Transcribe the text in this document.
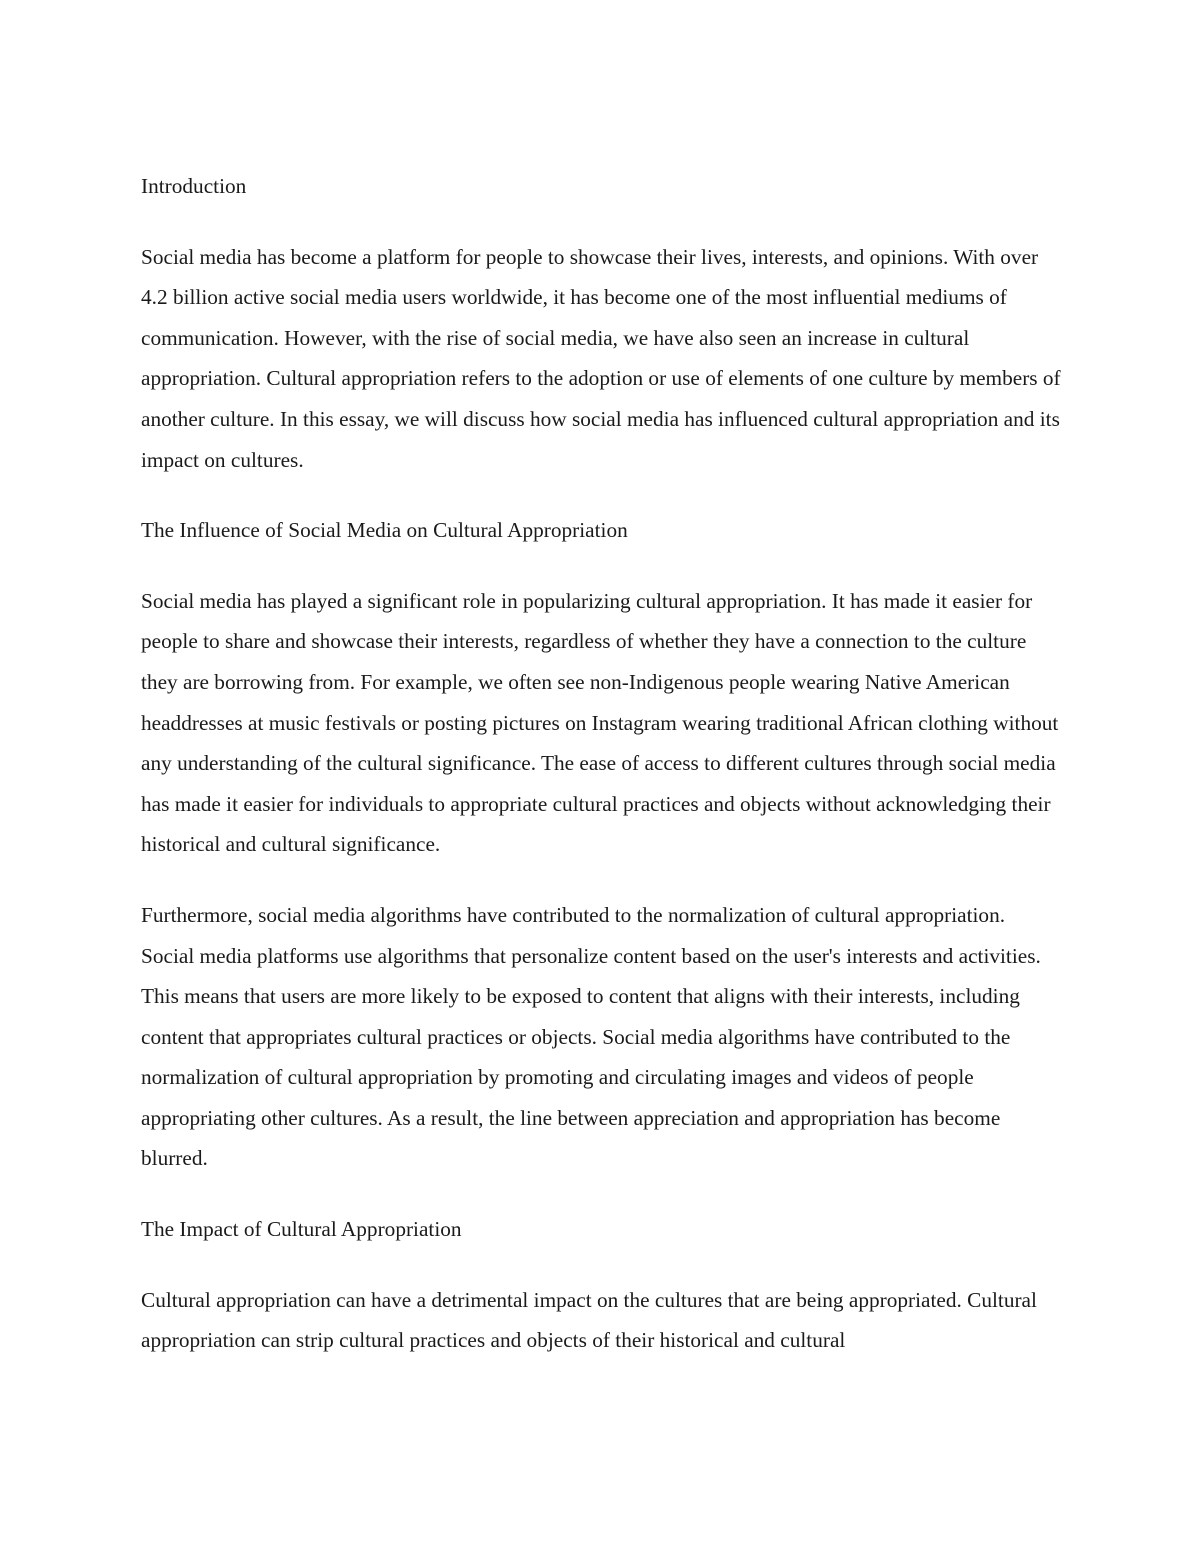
Introduction

Social media has become a platform for people to showcase their lives, interests, and opinions. With over 4.2 billion active social media users worldwide, it has become one of the most influential mediums of communication. However, with the rise of social media, we have also seen an increase in cultural appropriation. Cultural appropriation refers to the adoption or use of elements of one culture by members of another culture. In this essay, we will discuss how social media has influenced cultural appropriation and its impact on cultures.

The Influence of Social Media on Cultural Appropriation

Social media has played a significant role in popularizing cultural appropriation. It has made it easier for people to share and showcase their interests, regardless of whether they have a connection to the culture they are borrowing from. For example, we often see non-Indigenous people wearing Native American headdresses at music festivals or posting pictures on Instagram wearing traditional African clothing without any understanding of the cultural significance. The ease of access to different cultures through social media has made it easier for individuals to appropriate cultural practices and objects without acknowledging their historical and cultural significance.

Furthermore, social media algorithms have contributed to the normalization of cultural appropriation. Social media platforms use algorithms that personalize content based on the user's interests and activities. This means that users are more likely to be exposed to content that aligns with their interests, including content that appropriates cultural practices or objects. Social media algorithms have contributed to the normalization of cultural appropriation by promoting and circulating images and videos of people appropriating other cultures. As a result, the line between appreciation and appropriation has become blurred.

The Impact of Cultural Appropriation

Cultural appropriation can have a detrimental impact on the cultures that are being appropriated. Cultural appropriation can strip cultural practices and objects of their historical and cultural
